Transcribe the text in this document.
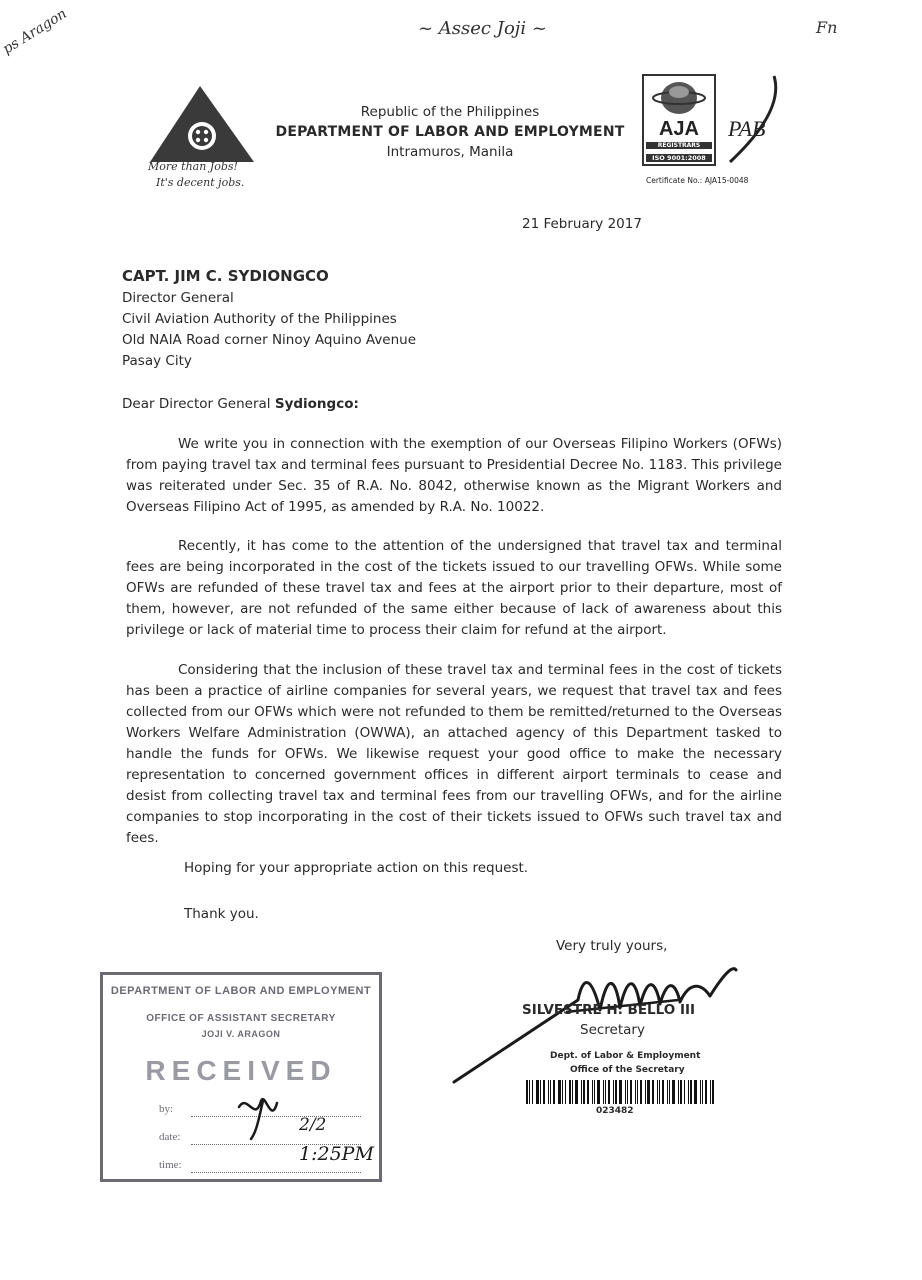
~ Assec Joji ~
ps Aragon	Fn
More than Jobs!
It's decent jobs.
Republic of the Philippines
DEPARTMENT OF LABOR AND EMPLOYMENT
Intramuros, Manila
AJA
REGISTRARS
ISO 9001:2008
PAB
Certificate No.: AJA15-0048
21 February 2017
CAPT. JIM C. SYDIONGCO
Director General
Civil Aviation Authority of the Philippines
Old NAIA Road corner Ninoy Aquino Avenue
Pasay City
Dear Director General Sydiongco:

We write you in connection with the exemption of our Overseas Filipino Workers (OFWs) from paying travel tax and terminal fees pursuant to Presidential Decree No. 1183. This privilege was reiterated under Sec. 35 of R.A. No. 8042, otherwise known as the Migrant Workers and Overseas Filipino Act of 1995, as amended by R.A. No. 10022.

Recently, it has come to the attention of the undersigned that travel tax and terminal fees are being incorporated in the cost of the tickets issued to our travelling OFWs. While some OFWs are refunded of these travel tax and fees at the airport prior to their departure, most of them, however, are not refunded of the same either because of lack of awareness about this privilege or lack of material time to process their claim for refund at the airport.

Considering that the inclusion of these travel tax and terminal fees in the cost of tickets has been a practice of airline companies for several years, we request that travel tax and fees collected from our OFWs which were not refunded to them be remitted/returned to the Overseas Workers Welfare Administration (OWWA), an attached agency of this Department tasked to handle the funds for OFWs. We likewise request your good office to make the necessary representation to concerned government offices in different airport terminals to cease and desist from collecting travel tax and terminal fees from our travelling OFWs, and for the airline companies to stop incorporating in the cost of their tickets issued to OFWs such travel tax and fees.

Hoping for your appropriate action on this request.
Thank you.
Very truly yours,
SILVESTRE H. BELLO III
Secretary
Dept. of Labor & Employment
Office of the Secretary
023482
DEPARTMENT OF LABOR AND EMPLOYMENT
OFFICE OF ASSISTANT SECRETARY
JOJI V. ARAGON
RECEIVED
by:
date:
time:
2/2
1:25PM
